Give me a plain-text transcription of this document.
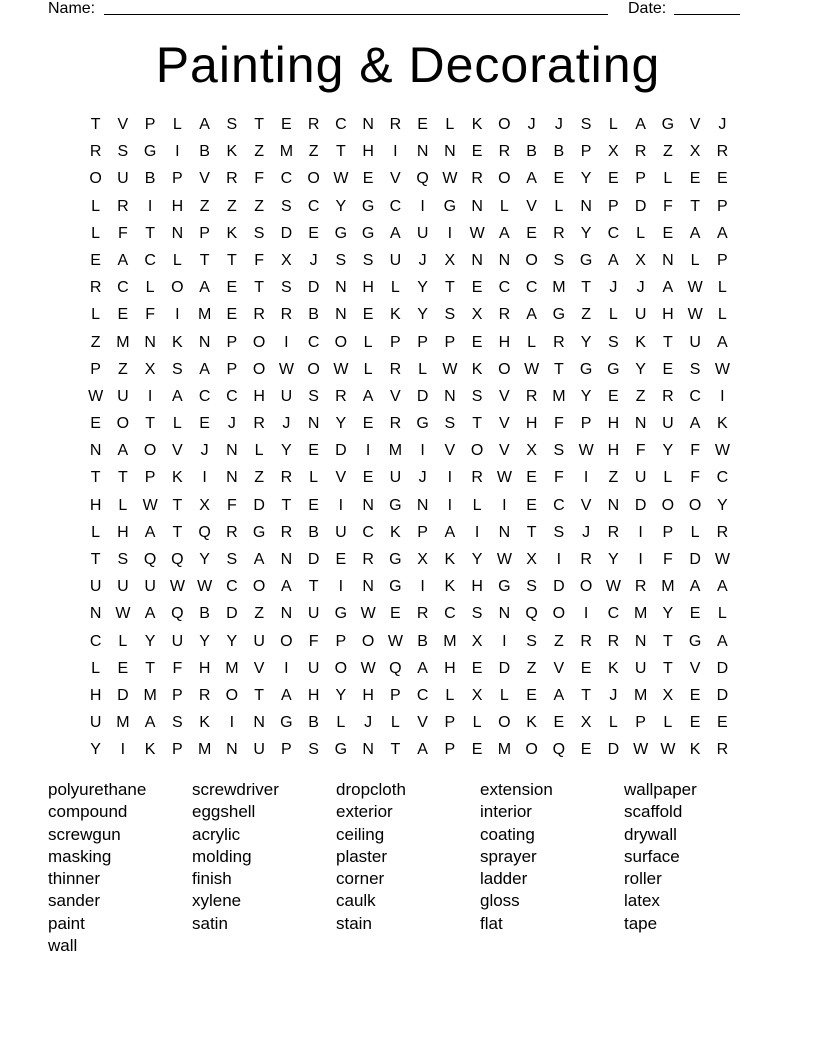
Name:	Date:
Painting & Decorating
T	V	P	L	A	S	T	E	R C N R	E	L	K O	J	J	S	L	A G V	J
R	S G	I	B	K	Z M Z	T	H	I	N N	E	R	B	B	P	X	R	Z	X	R
O U	B	P	V	R	F	C O W E	V Q W R O A	E	Y	E	P	L	E	E
L	R	I	H	Z	Z	Z	S	C	Y G C	I	G N	L	V	L	N	P	D	F	T	P
L	F	T	N	P	K	S	D	E G G A	U	I	W A	E	R	Y	C	L	E	A	A
E	A	C	L	T	T	F	X	J	S	S	U	J	X	N N O S G A	X	N	L	P
R C	L	O A	E	T	S	D N H	L	Y	T	E	C C M T	J	J	A W L
L	E	F	I	M E	R R	B	N	E	K	Y	S	X	R	A G	Z	L	U H W L
Z M N	K	N	P O	I	C O	L	P	P	P	E	H	L	R	Y	S	K	T	U	A
P	Z	X	S	A	P O W O W L	R	L W K O W T	G G Y	E	S W
W U	I	A	C C H U	S	R	A	V	D N	S	V	R M Y	E	Z	R C	I
E O	T	L	E	J	R	J	N	Y	E	R G S	T	V	H	F	P	H N U	A	K
N	A O V	J	N	L	Y	E	D	I	M	I	V O V	X	S W H	F	Y	F W
T	T	P	K	I	N	Z	R	L	V	E	U	J	I	R W E	F	I	Z	U	L	F	C
H	L W T	X	F	D	T	E	I	N G N	I	L	I	E	C	V	N D O O Y
L	H	A	T	Q R G R	B	U C	K	P	A	I	N	T	S	J	R	I	P	L	R
T	S Q Q Y	S	A	N D	E	R G X	K	Y W X	I	R	Y	I	F	D W
U U U W W C O A	T	I	N G	I	K	H G S	D O W R M A	A
N W A Q B	D	Z	N U G W E	R C	S	N Q O	I	C M Y	E	L
C	L	Y	U	Y	Y	U O	F	P O W B M X	I	S	Z	R R N	T	G A
L	E	T	F	H M V	I	U O W Q A	H	E	D	Z	V	E	K	U	T	V	D
H D M P	R O	T	A	H	Y	H	P	C	L	X	L	E	A	T	J	M X	E	D
U M A	S	K	I	N G B	L	J	L	V	P	L	O K	E	X	L	P	L	E	E
Y	I	K	P M N U	P	S G N	T	A	P	E M O Q E	D W W K	R
polyurethane	screwdriver	dropcloth	extension	wallpaper
compound	eggshell	exterior	interior	scaffold
screwgun	acrylic	ceiling	coating	drywall
masking	molding	plaster	sprayer	surface
thinner	finish	corner	ladder	roller
sander	xylene	caulk	gloss	latex
paint	satin	stain	flat	tape
wall
